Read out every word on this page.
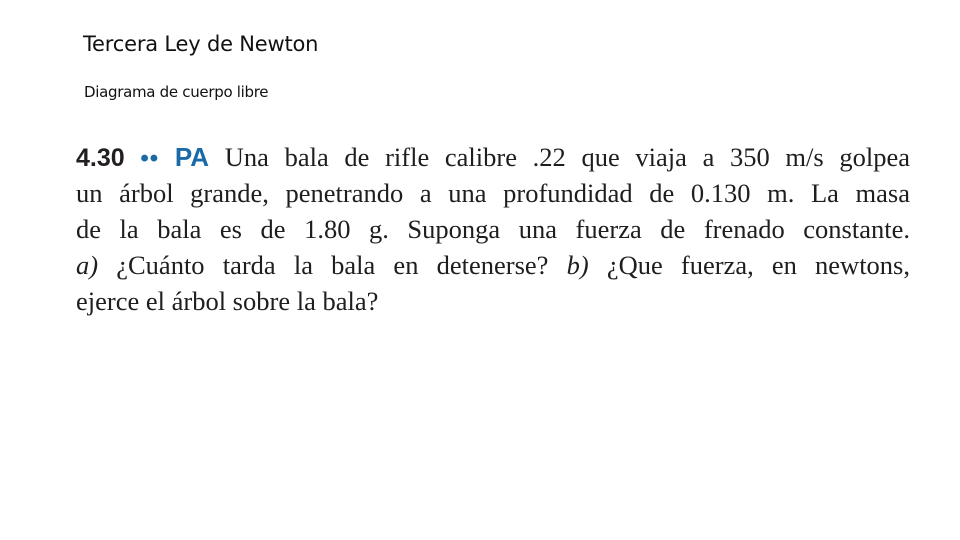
Tercera Ley de Newton
Diagrama de cuerpo libre
4.30 •• PA Una bala de rifle calibre .22 que viaja a 350 m/s golpea
un árbol grande, penetrando a una profundidad de 0.130 m. La masa
de la bala es de 1.80 g. Suponga una fuerza de frenado constante.
a) ¿Cuánto tarda la bala en detenerse? b) ¿Que fuerza, en newtons,
ejerce el árbol sobre la bala?
